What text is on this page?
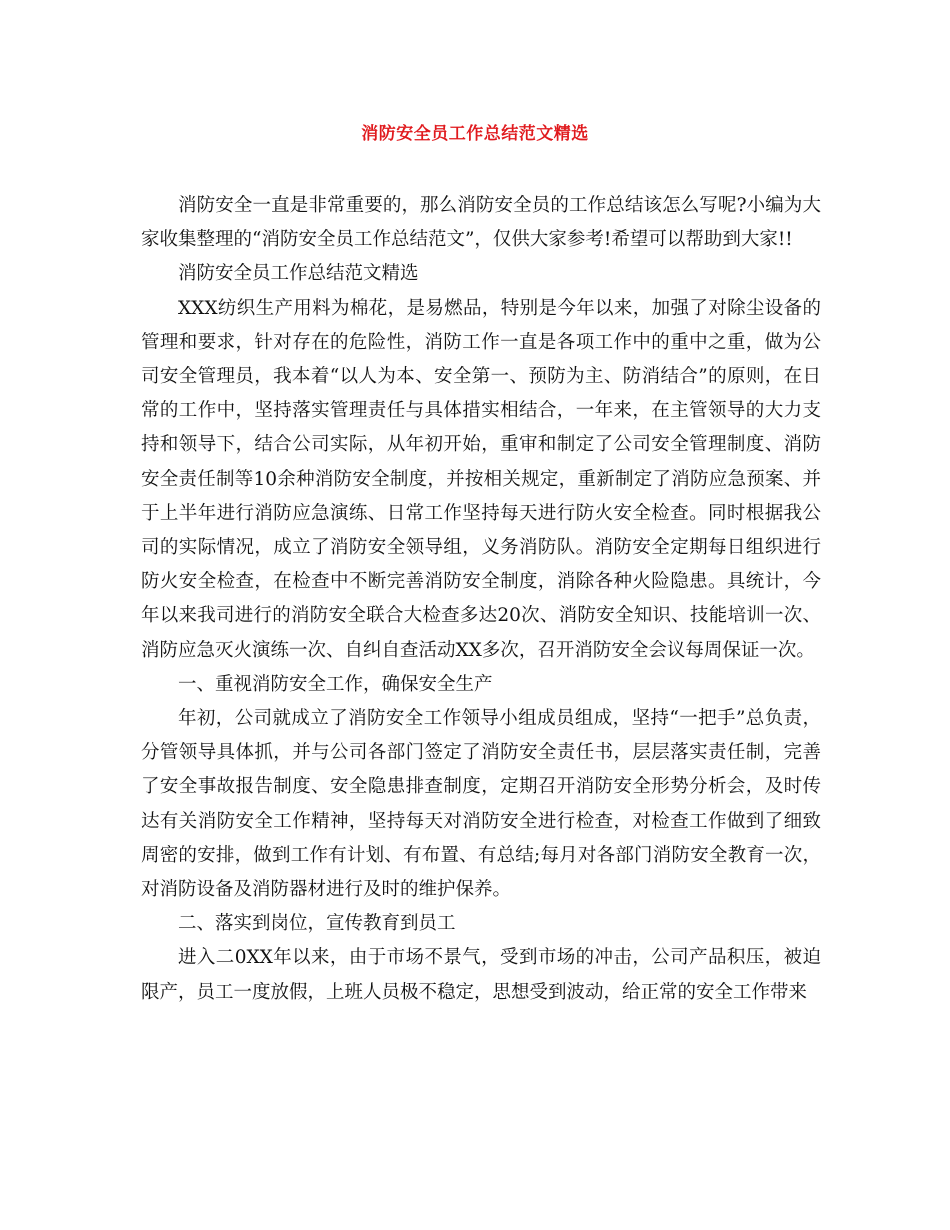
消防安全员工作总结范文精选

消防安全一直是非常重要的，那么消防安全员的工作总结该怎么写呢?小编为大家收集整理的“消防安全员工作总结范文”，仅供大家参考!希望可以帮助到大家!!

消防安全员工作总结范文精选

XXX纺织生产用料为棉花，是易燃品，特别是今年以来，加强了对除尘设备的管理和要求，针对存在的危险性，消防工作一直是各项工作中的重中之重，做为公司安全管理员，我本着“以人为本、安全第一、预防为主、防消结合”的原则，在日常的工作中，坚持落实管理责任与具体措实相结合，一年来，在主管领导的大力支持和领导下，结合公司实际，从年初开始，重审和制定了公司安全管理制度、消防安全责任制等10余种消防安全制度，并按相关规定，重新制定了消防应急预案、并于上半年进行消防应急演练、日常工作坚持每天进行防火安全检查。同时根据我公司的实际情况，成立了消防安全领导组，义务消防队。消防安全定期每日组织进行防火安全检查，在检查中不断完善消防安全制度，消除各种火险隐患。具统计，今年以来我司进行的消防安全联合大检查多达20次、消防安全知识、技能培训一次、消防应急灭火演练一次、自纠自查活动XX多次，召开消防安全会议每周保证一次。

一、重视消防安全工作，确保安全生产

年初，公司就成立了消防安全工作领导小组成员组成，坚持“一把手”总负责，分管领导具体抓，并与公司各部门签定了消防安全责任书，层层落实责任制，完善了安全事故报告制度、安全隐患排查制度，定期召开消防安全形势分析会，及时传达有关消防安全工作精神，坚持每天对消防安全进行检查，对检查工作做到了细致周密的安排，做到工作有计划、有布置、有总结;每月对各部门消防安全教育一次，对消防设备及消防器材进行及时的维护保养。

二、落实到岗位，宣传教育到员工

进入二0XX年以来，由于市场不景气，受到市场的冲击，公司产品积压，被迫限产，员工一度放假，上班人员极不稳定，思想受到波动，给正常的安全工作带来
